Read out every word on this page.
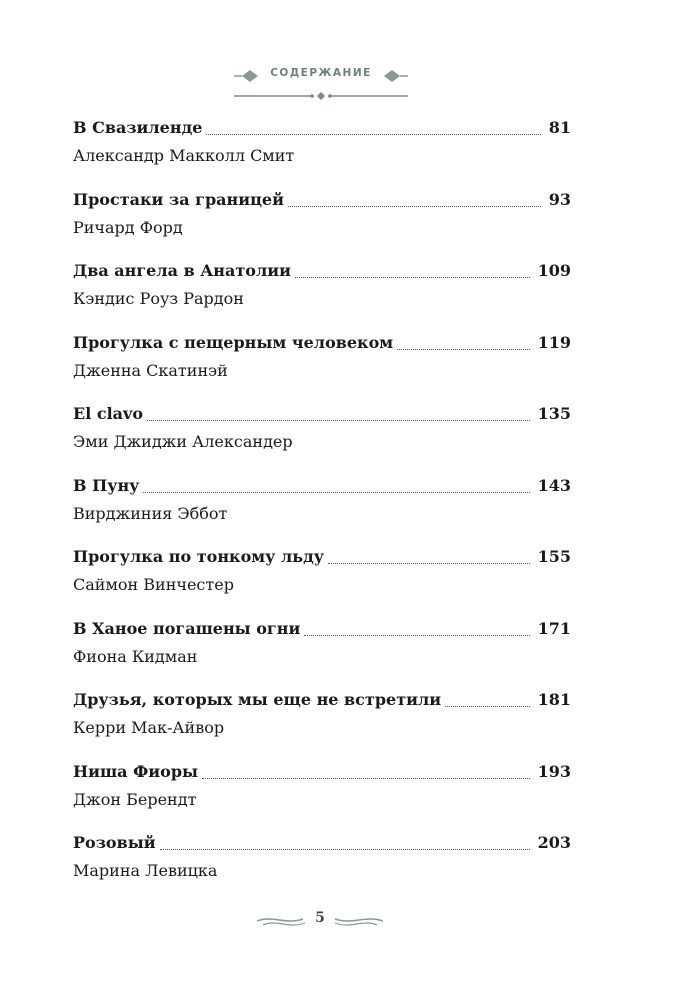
СОДЕРЖАНИЕ
В Свазиленде	81
Александр Макколл Смит
Простаки за границей	93
Ричард Форд
Два ангела в Анатолии	109
Кэндис Роуз Рардон
Прогулка с пещерным человеком	119
Дженна Скатинэй
El clavo	135
Эми Джиджи Александер
В Пуну	143
Вирджиния Эббот
Прогулка по тонкому льду	155
Саймон Винчестер
В Ханое погашены огни	171
Фиона Кидман
Друзья, которых мы еще не встретили	181
Керри Мак-Айвор
Ниша Фиоры	193
Джон Берендт
Розовый	203
Марина Левицка
5
